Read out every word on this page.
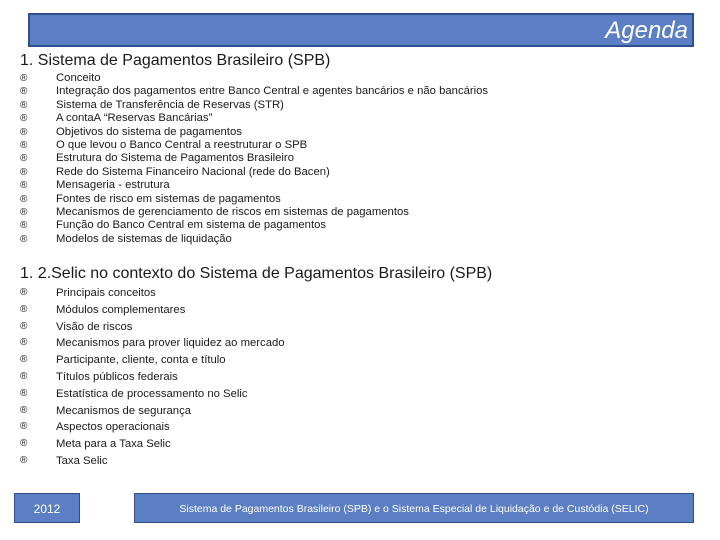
Agenda
1. Sistema de Pagamentos Brasileiro (SPB)
®	Conceito
®	Integração dos pagamentos entre Banco Central e agentes bancários e não bancários
®	Sistema de Transferência de Reservas (STR)
®	A contaA “Reservas Bancárias”
®	Objetivos do sistema de pagamentos
®	O que levou o Banco Central a reestruturar o SPB
®	Estrutura do Sistema de Pagamentos Brasileiro
®	Rede do Sistema Financeiro Nacional (rede do Bacen)
®	Mensageria - estrutura
®	Fontes de risco em sistemas de pagamentos
®	Mecanismos de gerenciamento de riscos em sistemas de pagamentos
®	Função do Banco Central em sistema de pagamentos
®	Modelos de sistemas de liquidação
1. 2.Selic no contexto do Sistema de Pagamentos Brasileiro (SPB)
®	Principais conceitos
®	Módulos complementares
®	Visão de riscos
®	Mecanismos para prover liquidez ao mercado
®	Participante, cliente, conta e título
®	Títulos públicos federais
®	Estatística de processamento no Selic
®	Mecanismos de segurança
®	Aspectos operacionais
®	Meta para a Taxa Selic
®	Taxa Selic
2012	Sistema de Pagamentos Brasileiro (SPB) e o Sistema Especial de Liquidação e de Custódia (SELIC)
